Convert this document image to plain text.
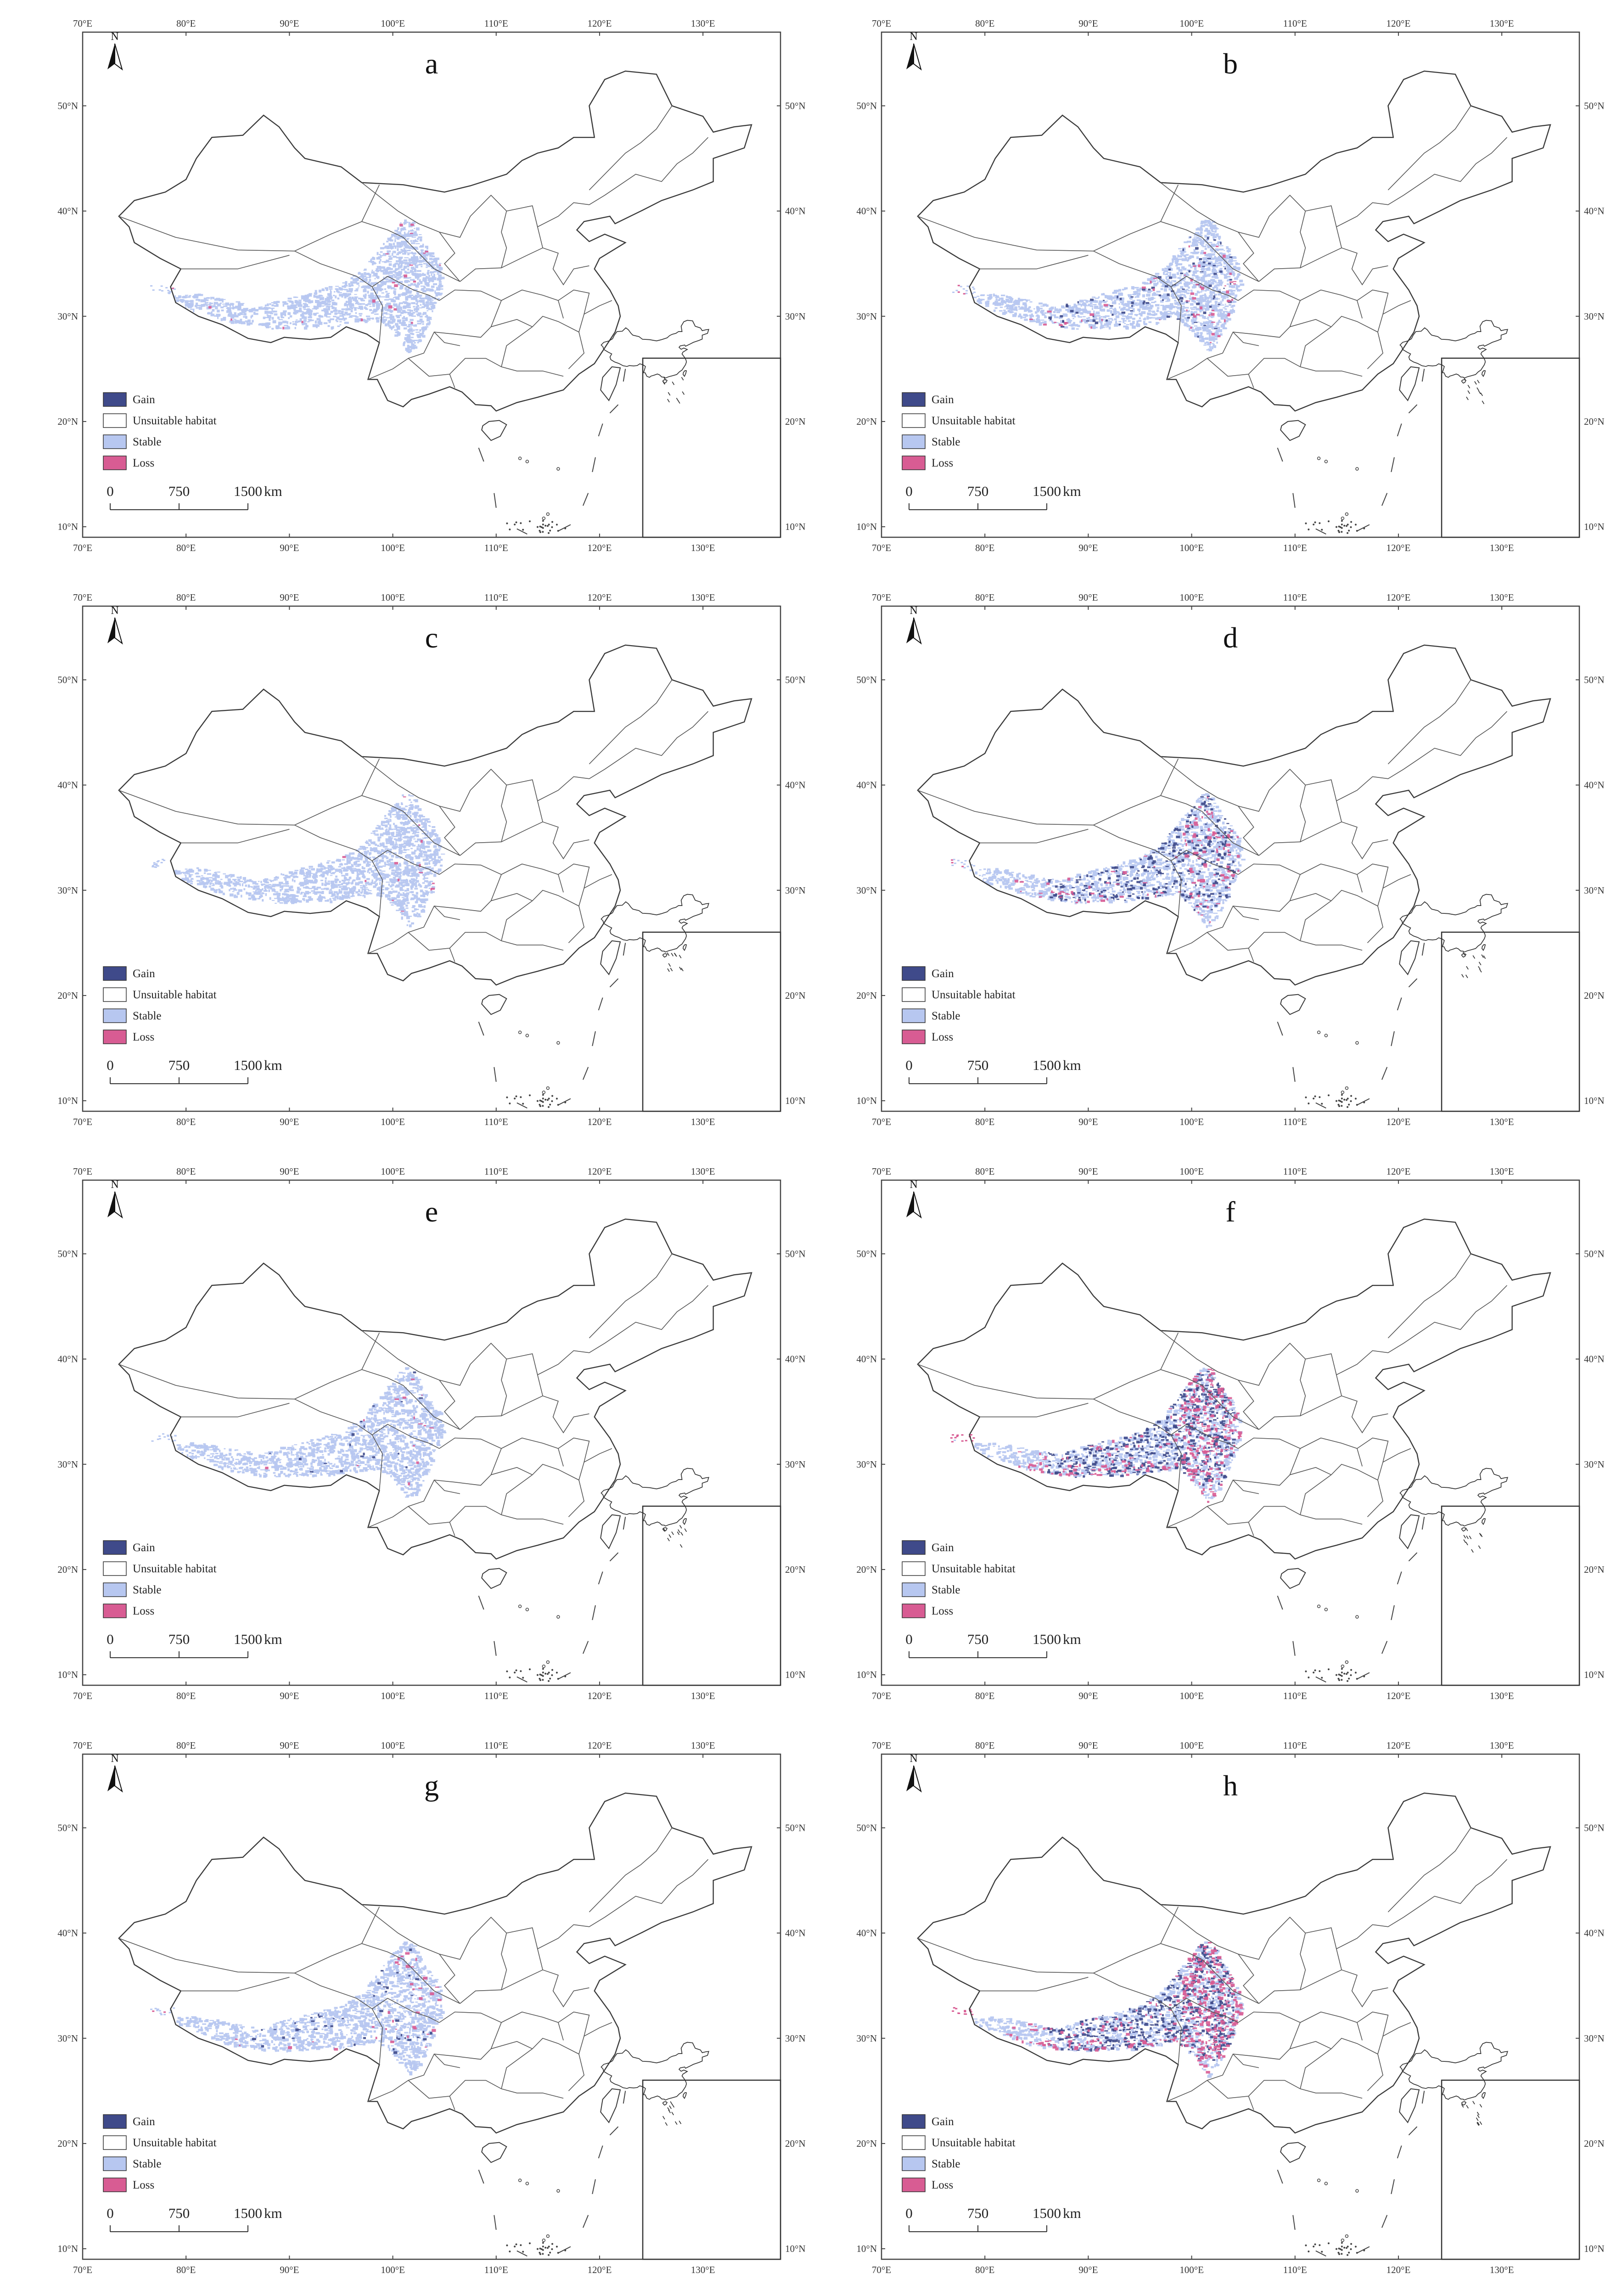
70°E
70°E
80°E
80°E
90°E
90°E
100°E
100°E
110°E
110°E
120°E
120°E
130°E
130°E
10°N	10°N
20°N	20°N
30°N	30°N
40°N	40°N
50°N	50°N
N
a
Gain
Unsuitable habitat
Stable
Loss
0	750	1500 km
70°E
70°E
80°E
80°E
90°E
90°E
100°E
100°E
110°E
110°E
120°E
120°E
130°E
130°E
10°N	10°N
20°N	20°N
30°N	30°N
40°N	40°N
50°N	50°N
N
b
Gain
Unsuitable habitat
Stable
Loss
0	750	1500 km
70°E
70°E
80°E
80°E
90°E
90°E
100°E
100°E
110°E
110°E
120°E
120°E
130°E
130°E
10°N	10°N
20°N	20°N
30°N	30°N
40°N	40°N
50°N	50°N
N
c
Gain
Unsuitable habitat
Stable
Loss
0	750	1500 km
70°E
70°E
80°E
80°E
90°E
90°E
100°E
100°E
110°E
110°E
120°E
120°E
130°E
130°E
10°N	10°N
20°N	20°N
30°N	30°N
40°N	40°N
50°N	50°N
N
d
Gain
Unsuitable habitat
Stable
Loss
0	750	1500 km
70°E
70°E
80°E
80°E
90°E
90°E
100°E
100°E
110°E
110°E
120°E
120°E
130°E
130°E
10°N	10°N
20°N	20°N
30°N	30°N
40°N	40°N
50°N	50°N
N
e
Gain
Unsuitable habitat
Stable
Loss
0	750	1500 km
70°E
70°E
80°E
80°E
90°E
90°E
100°E
100°E
110°E
110°E
120°E
120°E
130°E
130°E
10°N	10°N
20°N	20°N
30°N	30°N
40°N	40°N
50°N	50°N
N
f
Gain
Unsuitable habitat
Stable
Loss
0	750	1500 km
70°E
70°E
80°E
80°E
90°E
90°E
100°E
100°E
110°E
110°E
120°E
120°E
130°E
130°E
10°N	10°N
20°N	20°N
30°N	30°N
40°N	40°N
50°N	50°N
N
g
Gain
Unsuitable habitat
Stable
Loss
0	750	1500 km
70°E
70°E
80°E
80°E
90°E
90°E
100°E
100°E
110°E
110°E
120°E
120°E
130°E
130°E
10°N	10°N
20°N	20°N
30°N	30°N
40°N	40°N
50°N	50°N
N
h
Gain
Unsuitable habitat
Stable
Loss
0	750	1500 km
